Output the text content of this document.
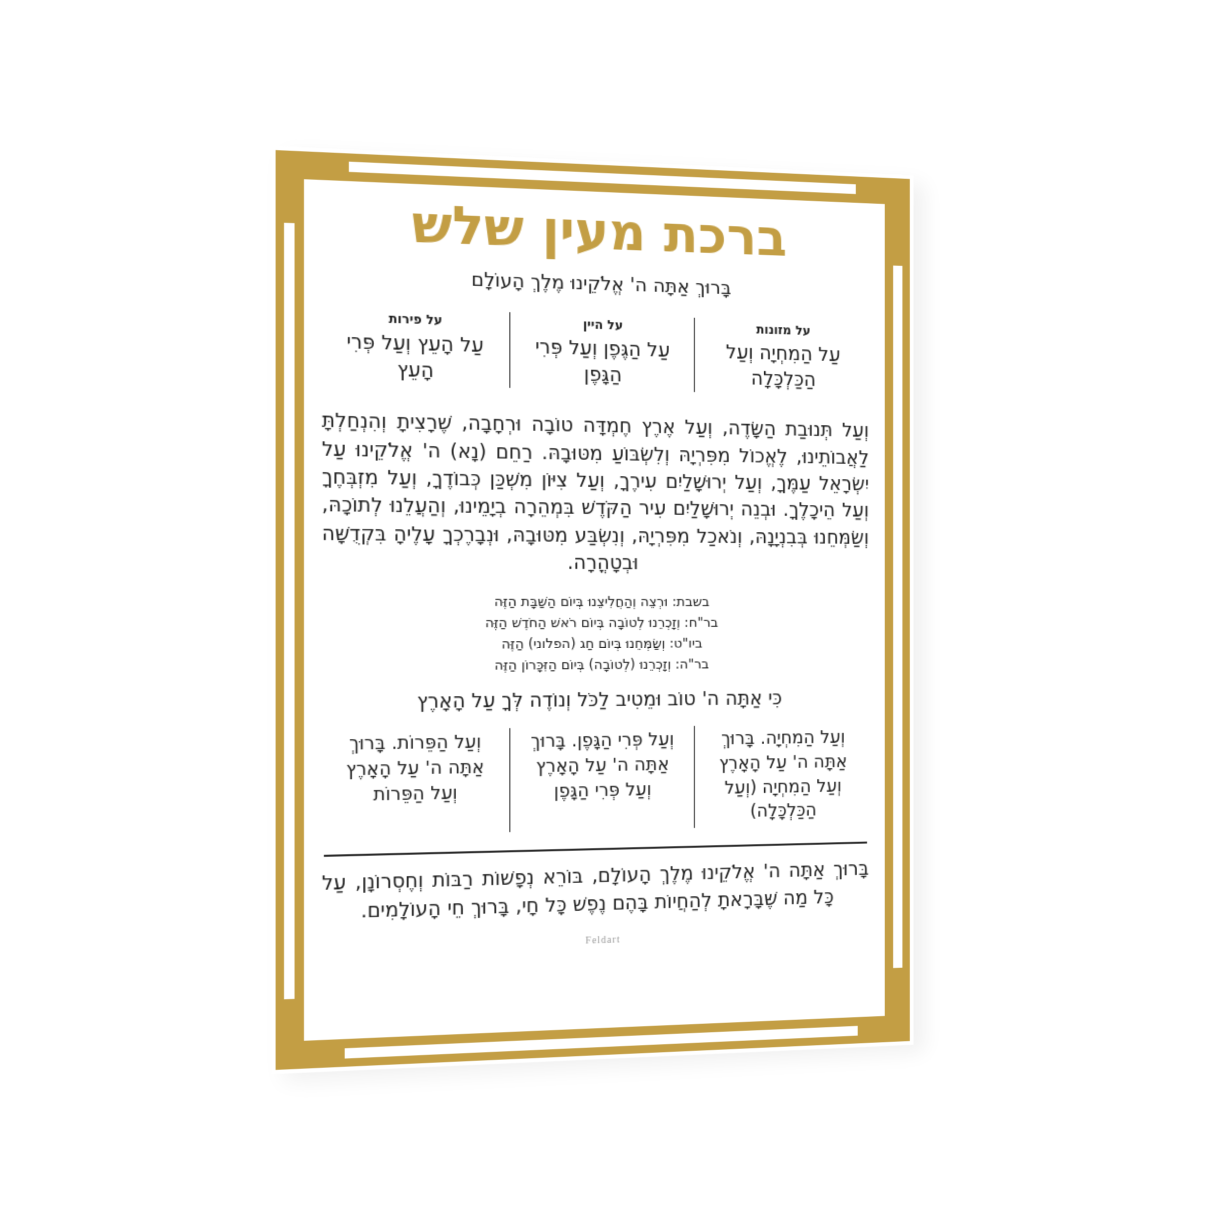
ברכת מעין שלש
בָּרוּךְ אַתָּה ה' אֱלֹקֵינוּ מֶלֶךְ הָעוֹלָם
על מזונות
עַל הַמִחְיָה וְעַל הַכַּלְכָּלָה
על היין
עַל הַגֶּפֶן וְעַל פְּרִי הַגָּפֶן
על פירות
עַל הָעֵץ וְעַל פְּרִי הָעֵץ

וְעַל תְּנוּבַת הַשָּׂדֶה, וְעַל אֶרֶץ חֶמְדָּה טוֹבָה וּרְחָבָה, שֶׁרָצִיתָ וְהִנְחַלְתָּ לַאֲבוֹתֵינוּ, לֶאֱכוֹל מִפִּרְיָהּ וְלִשְׂבּוֹעַ מִטּוּבָהּ. רַחֵם (נָא) ה' אֱלֹקֵינוּ עַל יִשְׂרָאֵל עַמֶּךָ, וְעַל יְרוּשָׁלַיִם עִירֶךָ, וְעַל צִיּוֹן מִשְׁכַּן כְּבוֹדֶךָ, וְעַל מִזְבְּחֶךָ וְעַל הֵיכָלֶךָ. וּבְנֵה יְרוּשָׁלַיִם עִיר הַקֹּדֶשׁ בִּמְהֵרָה בְיָמֵינוּ, וְהַעֲלֵנוּ לְתוֹכָהּ, וְשַׂמְּחֵנוּ בְּבִנְיָנָהּ, וְנֹאכַל מִפִּרְיָהּ, וְנִשְׂבַּע מִטּוּבָהּ, וּנְבָרֶכְךָ עָלֶיהָ בִּקְדֻשָּׁה וּבְטָהֳרָה.

בשבת: וּרְצֵה וְהַחֲלִיצֵנוּ בְּיוֹם הַשַּׁבָּת הַזֶּה
בר"ח: וְזָכְרֵנוּ לְטוֹבָה בְּיוֹם רֹאשׁ הַחֹדֶשׁ הַזֶּה
ביו"ט: וְשַׂמְּחֵנוּ בְּיוֹם חַג (הפלוני) הַזֶּה
בר"ה: וְזָכְרֵנוּ (לְטוֹבָה) בְּיוֹם הַזִּכָּרוֹן הַזֶּה
כִּי אַתָּה ה' טוֹב וּמֵטִיב לַכֹּל וְנוֹדֶה לְּךָ עַל הָאָרֶץ
וְעַל הַמִחְיָה. בָּרוּךְ אַתָּה ה' עַל הָאָרֶץ וְעַל הַמִחְיָה (וְעַל הַכַּלְכָּלָה)
וְעַל פְּרִי הַגָּפֶן. בָּרוּךְ אַתָּה ה' עַל הָאָרֶץ וְעַל פְּרִי הַגָּפֶן
וְעַל הַפֵּרוֹת. בָּרוּךְ אַתָּה ה' עַל הָאָרֶץ וְעַל הַפֵּרוֹת

בָּרוּךְ אַתָּה ה' אֱלֹקֵינוּ מֶלֶךְ הָעוֹלָם, בּוֹרֵא נְפָשׁוֹת רַבּוֹת וְחֶסְרוֹנָן, עַל כָּל מַה שֶּׁבָּרָאתָ לְהַחֲיוֹת בָּהֶם נֶפֶשׁ כָּל חָי, בָּרוּךְ חֵי הָעוֹלָמִים.

Feldart
